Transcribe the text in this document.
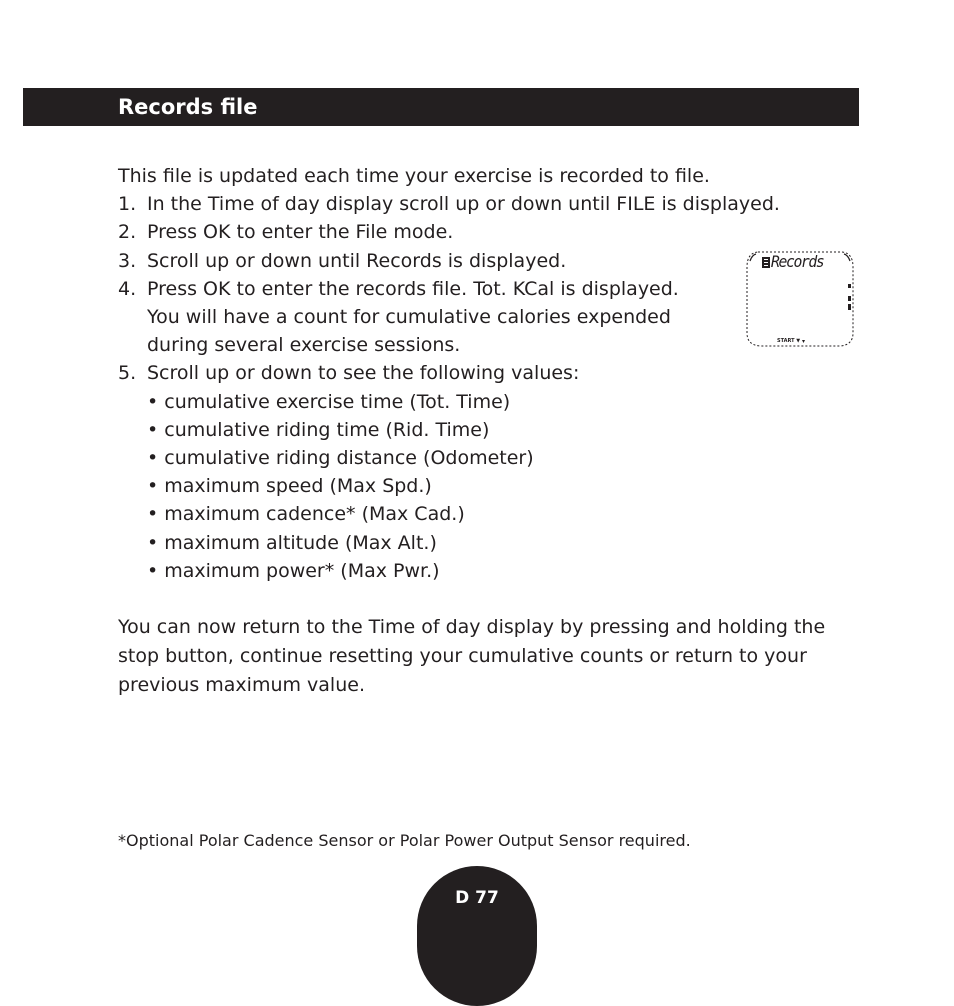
Records file
This file is updated each time your exercise is recorded to file.
1. In the Time of day display scroll up or down until FILE is displayed.
2. Press OK to enter the File mode.
3. Scroll up or down until Records is displayed.
4. Press OK to enter the records file. Tot. KCal is displayed.
You will have a count for cumulative calories expended
during several exercise sessions.
5. Scroll up or down to see the following values:
• cumulative exercise time (Tot. Time)
• cumulative riding time (Rid. Time)
• cumulative riding distance (Odometer)
• maximum speed (Max Spd.)
• maximum cadence* (Max Cad.)
• maximum altitude (Max Alt.)
• maximum power* (Max Pwr.)
You can now return to the Time of day display by pressing and holding the
stop button, continue resetting your cumulative counts or return to your
previous maximum value.
*Optional Polar Cadence Sensor or Polar Power Output Sensor required.
Records
START ▼
D 77
